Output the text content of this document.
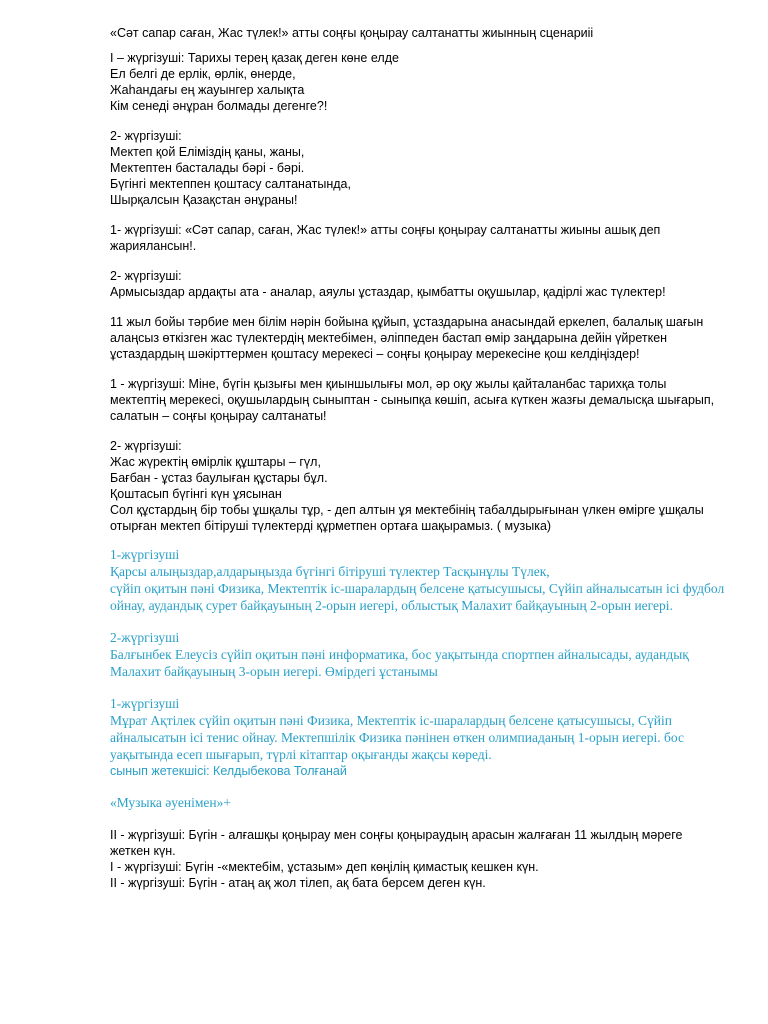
«Сәт сапар саған, Жас түлек!» атты соңғы қоңырау салтанатты жиынның сценариіі
І – жүргізуші: Тарихы терең қазақ деген көне елде
Ел белгі де ерлік, өрлік, өнерде,
Жаһандағы ең жауынгер халықта
Кім сенеді әнұран болмады дегенге?!
2- жүргізуші:
Мектеп қой Еліміздің қаны, жаны,
Мектептен басталады бәрі - бәрі.
Бүгінгі мектеппен қоштасу салтанатында,
Шырқалсын Қазақстан әнұраны!
1- жүргізуші: «Сәт сапар, саған, Жас түлек!» атты соңғы қоңырау салтанатты жиыны ашық деп жариялансын!.
2- жүргізуші:
Армысыздар ардақты ата - аналар, аяулы ұстаздар, қымбатты оқушылар, қадірлі жас түлектер!
11 жыл бойы тәрбие мен білім нәрін бойына құйып, ұстаздарына анасындай еркелеп, балалық шағын алаңсыз өткізген жас түлектердің мектебімен, әліппеден бастап өмір заңдарына дейін үйреткен ұстаздардың шәкірттермен қоштасу мерекесі – соңғы қоңырау мерекесіне қош келдіңіздер!
1 - жүргізуші: Міне, бүгін қызығы мен қиыншылығы мол, әр оқу жылы қайталанбас тарихқа толы мектептің мерекесі, оқушылардың сыныптан - сыныпқа көшіп, асыға күткен жазғы демалысқа шығарып, салатын – соңғы қоңырау салтанаты!
2- жүргізуші:
Жас жүректің өмірлік құштары – гүл,
Бағбан - ұстаз баулыған құстары бұл.
Қоштасып бүгінгі күн ұясынан
Сол құстардың бір тобы ұшқалы тұр, - деп алтын ұя мектебінің табалдырығынан үлкен өмірге ұшқалы отырған мектеп бітіруші түлектерді құрметпен ортаға шақырамыз. ( музыка)
1-жүргізуші
Қарсы алыңыздар,алдарыңызда бүгінгі бітіруші түлектер Тасқынұлы Түлек,
сүйіп оқитын пәні Физика, Мектептік іс-шаралардың белсене қатысушысы, Сүйіп айналысатын ісі фудбол ойнау, аудандық сурет байқауының 2-орын иегері, облыстық Малахит байқауының 2-орын иегері.
2-жүргізуші
Балғынбек Елеусіз сүйіп оқитын пәні информатика, бос уақытында спортпен айналысады, аудандық Малахит байқауының 3-орын иегері. Өмірдегі ұстанымы
1-жүргізуші
Мұрат Ақтілек сүйіп оқитын пәні Физика, Мектептік іс-шаралардың белсене қатысушысы, Сүйіп айналысатын ісі тенис ойнау. Мектепшілік Физика пәнінен өткен олимпиаданың 1-орын иегері. бос уақытында есеп шығарып, түрлі кітаптар оқығанды жақсы көреді.
сынып жетекшісі: Келдыбекова Толғанай
«Музыка әуенімен»+
ІІ - жүргізуші: Бүгін - алғашқы қоңырау мен соңғы қоңыраудың арасын жалғаған 11 жылдың мәреге жеткен күн.
І - жүргізуші: Бүгін -«мектебім, ұстазым» деп көңілің қимастық кешкен күн.
ІІ - жүргізуші: Бүгін - атаң ақ жол тілеп, ақ бата берсем деген күн.
